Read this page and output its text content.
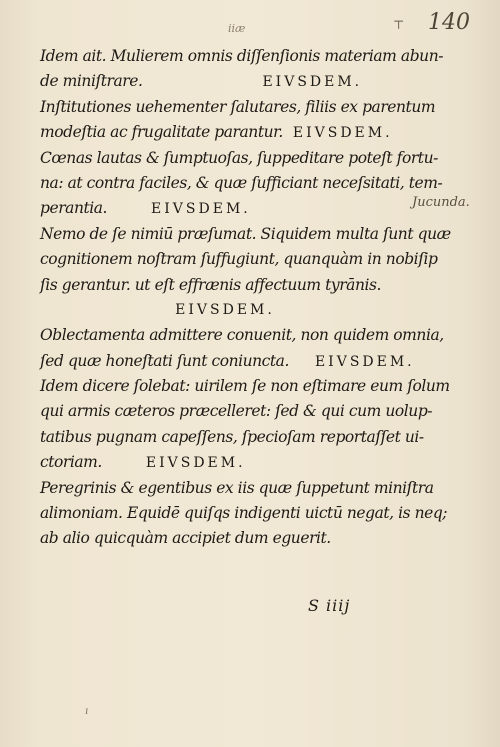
iiæ	⊤ 140
Idem ait. Mulierem omnis diſſenſionis materiam abun-
de miniſtrare.	EIVSDEM.
Inſtitutiones uehementer ſalutares, filiis ex parentum
modeſtia ac frugalitate parantur. EIVSDEM.
Cœnas lautas & ſumptuoſas, ſuppeditare poteſt fortu-
na: at contra faciles, & quæ ſufficiant neceſsitati, tem-
perantia.	EIVSDEM.
Nemo de ſe nimiū præſumat. Siquidem multa ſunt quæ
cognitionem noſtram ſuffugiunt, quanquàm in nobiſip
ſis gerantur. ut eſt effrænis affectuum tyrānis.
EIVSDEM.
Oblectamenta admittere conuenit, non quidem omnia,
ſed quæ honeſtati ſunt coniuncta. EIVSDEM.
Idem dicere ſolebat: uirilem ſe non eſtimare eum ſolum
qui armis cæteros præcelleret: ſed & qui cum uolup-
tatibus pugnam capeſſens, ſpecioſam reportaſſet ui-
ctoriam.	EIVSDEM.
Peregrinis & egentibus ex iis quæ ſuppetunt miniſtra
alimoniam. Equidē quiſqs indigenti uictū negat, is neq;
ab alio quicquàm accipiet dum eguerit.
Jucunda.
S iiij
ı
